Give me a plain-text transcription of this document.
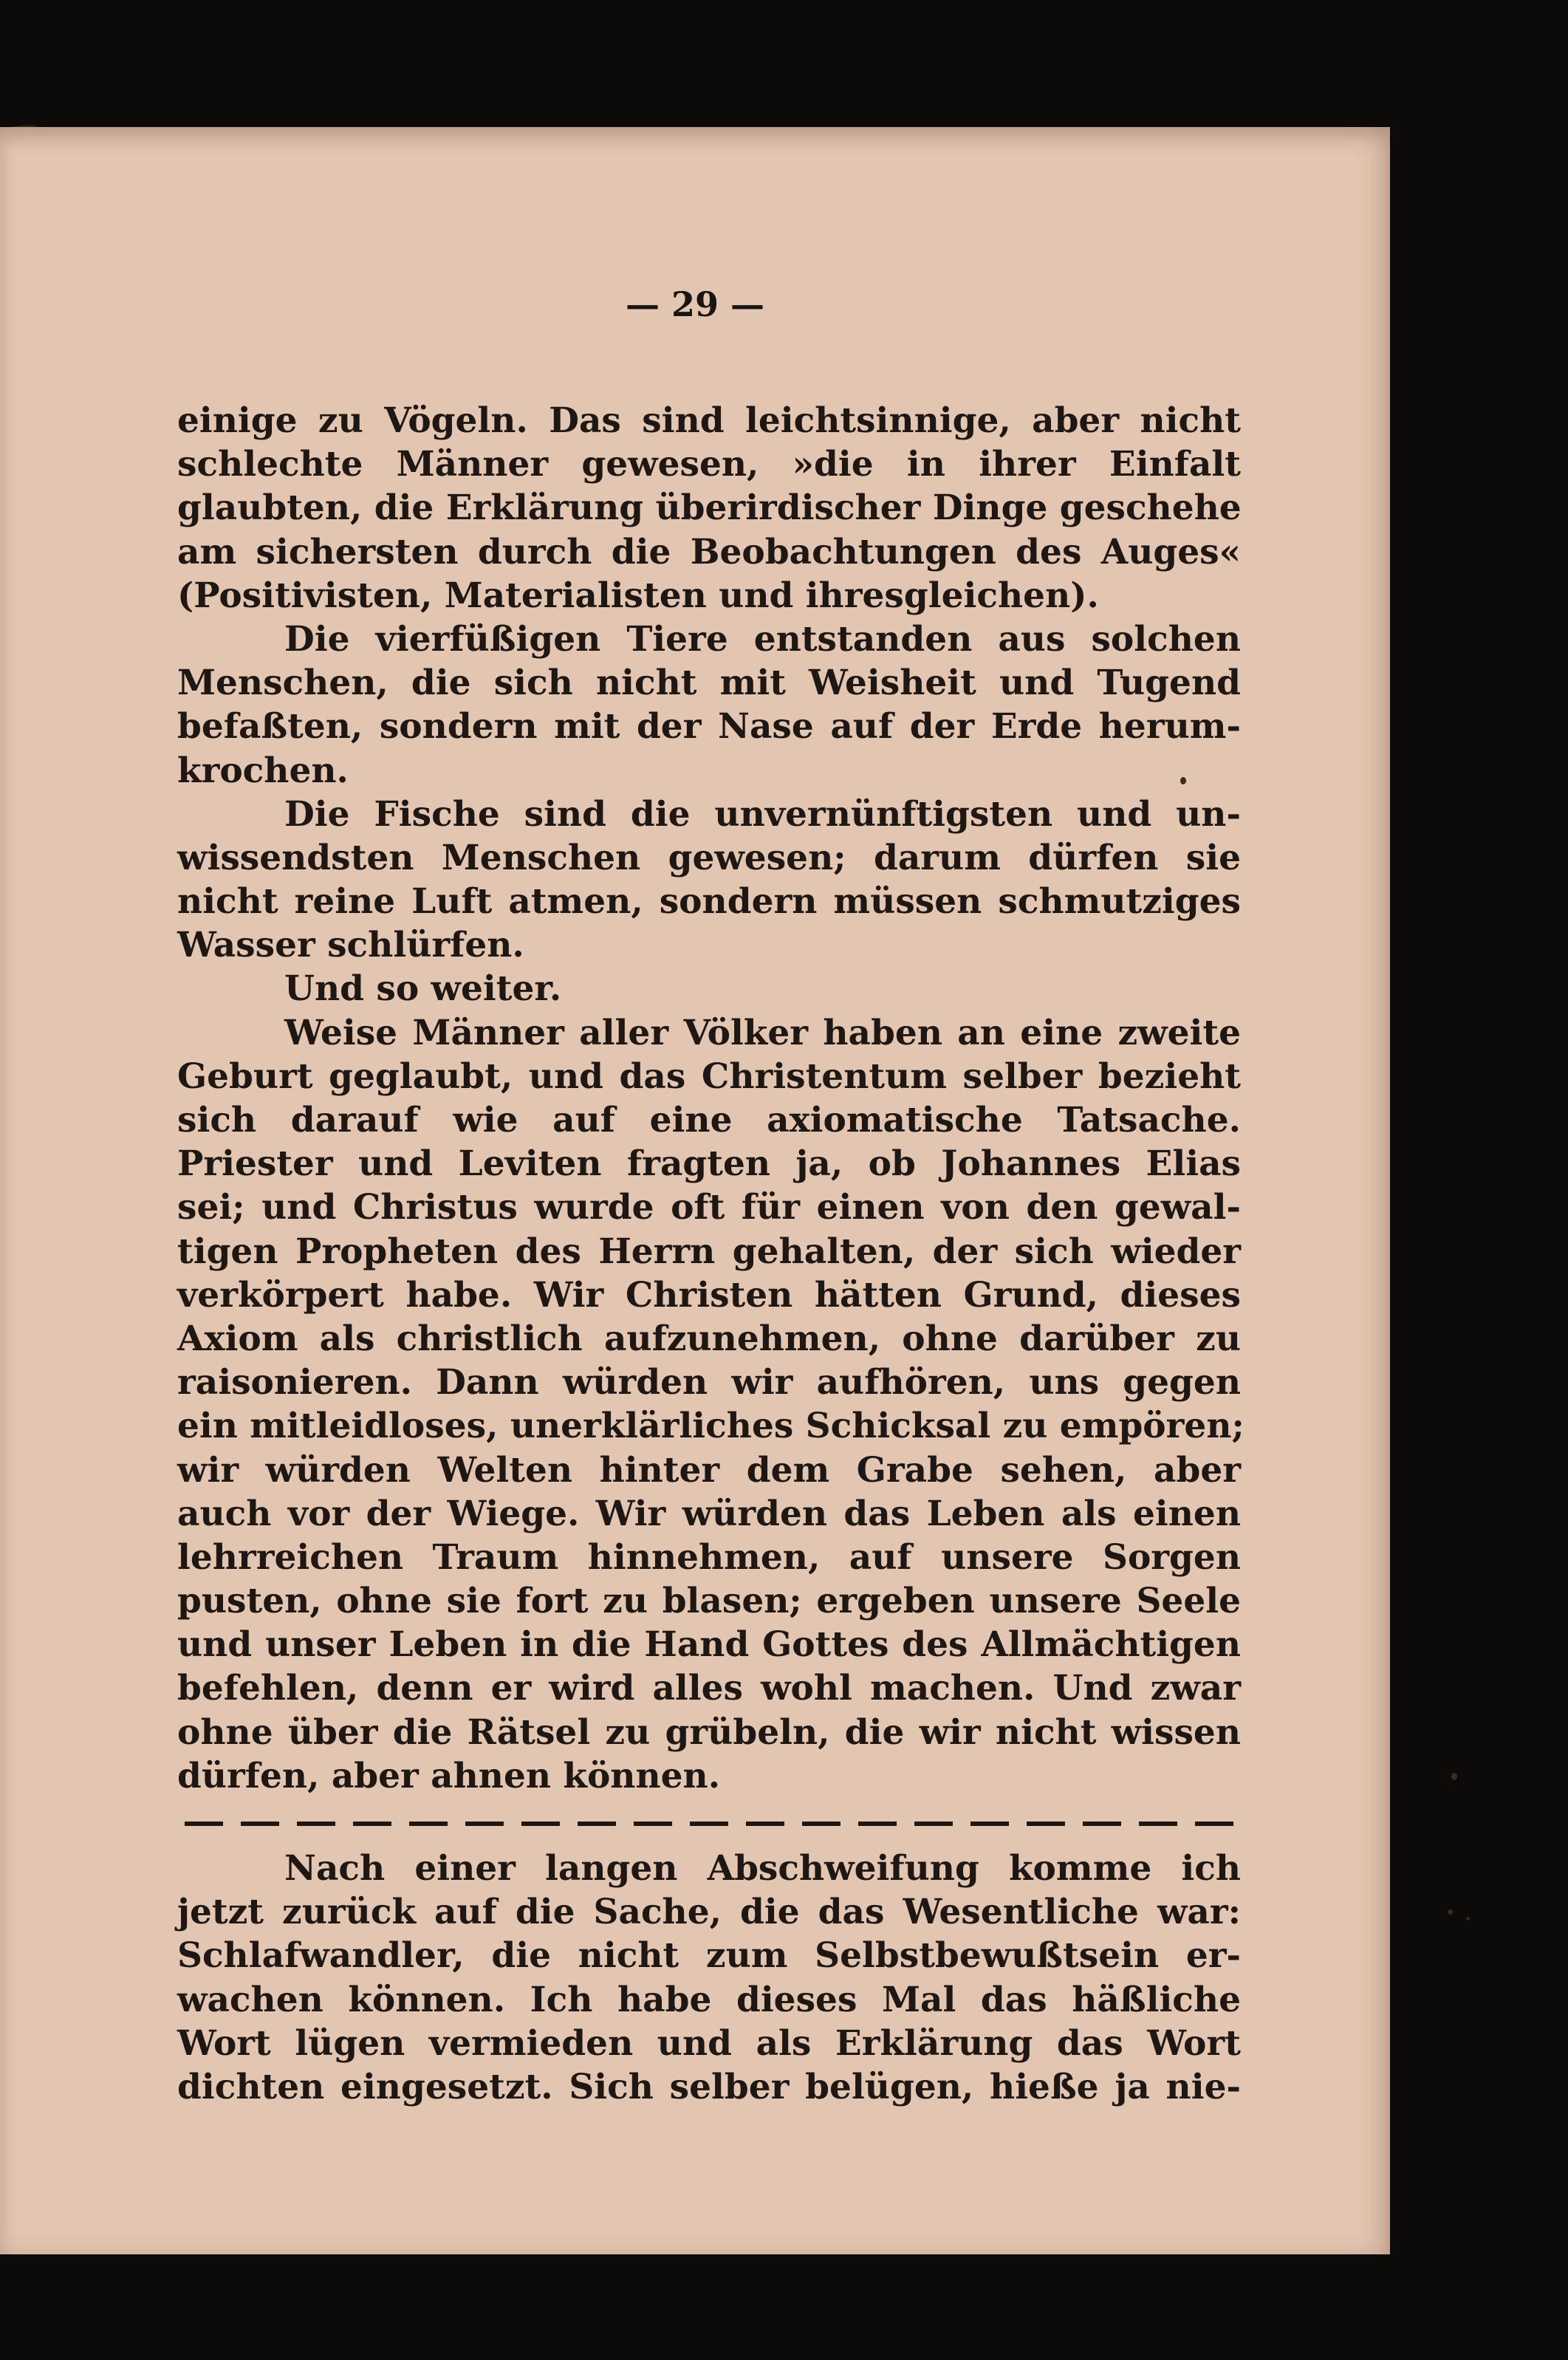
— 29 —
einige zu Vögeln. Das sind leichtsinnige, aber nicht
schlechte Männer gewesen, »die in ihrer Einfalt
glaubten, die Erklärung überirdischer Dinge geschehe
am sichersten durch die Beobachtungen des Auges«
(Positivisten, Materialisten und ihresgleichen).
Die vierfüßigen Tiere entstanden aus solchen
Menschen, die sich nicht mit Weisheit und Tugend
befaßten, sondern mit der Nase auf der Erde herum-
krochen.
Die Fische sind die unvernünftigsten und un-
wissendsten Menschen gewesen; darum dürfen sie
nicht reine Luft atmen, sondern müssen schmutziges
Wasser schlürfen.
Und so weiter.
Weise Männer aller Völker haben an eine zweite
Geburt geglaubt, und das Christentum selber bezieht
sich darauf wie auf eine axiomatische Tatsache.
Priester und Leviten fragten ja, ob Johannes Elias
sei; und Christus wurde oft für einen von den gewal-
tigen Propheten des Herrn gehalten, der sich wieder
verkörpert habe. Wir Christen hätten Grund, dieses
Axiom als christlich aufzunehmen, ohne darüber zu
raisonieren. Dann würden wir aufhören, uns gegen
ein mitleidloses, unerklärliches Schicksal zu empören;
wir würden Welten hinter dem Grabe sehen, aber
auch vor der Wiege. Wir würden das Leben als einen
lehrreichen Traum hinnehmen, auf unsere Sorgen
pusten, ohne sie fort zu blasen; ergeben unsere Seele
und unser Leben in die Hand Gottes des Allmächtigen
befehlen, denn er wird alles wohl machen. Und zwar
ohne über die Rätsel zu grübeln, die wir nicht wissen
dürfen, aber ahnen können.
Nach einer langen Abschweifung komme ich
jetzt zurück auf die Sache, die das Wesentliche war:
Schlafwandler, die nicht zum Selbstbewußtsein er-
wachen können. Ich habe dieses Mal das häßliche
Wort lügen vermieden und als Erklärung das Wort
dichten eingesetzt. Sich selber belügen, hieße ja nie-
